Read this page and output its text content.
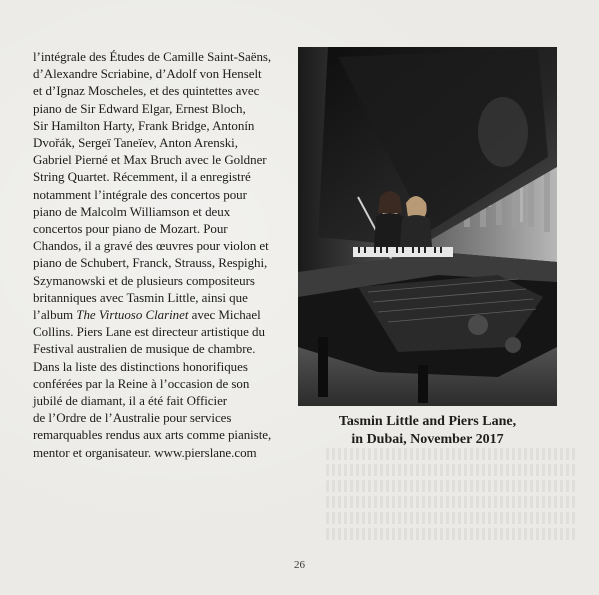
l’intégrale des Études de Camille Saint-Saëns,
d’Alexandre Scriabine, d’Adolf von Henselt
et d’Ignaz Moscheles, et des quintettes avec
piano de Sir Edward Elgar, Ernest Bloch,
Sir Hamilton Harty, Frank Bridge, Antonín
Dvořák, Sergeï Taneïev, Anton Arenski,
Gabriel Pierné et Max Bruch avec le Goldner
String Quartet. Récemment, il a enregistré
notamment l’intégrale des concertos pour
piano de Malcolm Williamson et deux
concertos pour piano de Mozart. Pour
Chandos, il a gravé des œuvres pour violon et
piano de Schubert, Franck, Strauss, Respighi,
Szymanowski et de plusieurs compositeurs
britanniques avec Tasmin Little, ainsi que
l’album The Virtuoso Clarinet avec Michael
Collins. Piers Lane est directeur artistique du
Festival australien de musique de chambre.
Dans la liste des distinctions honorifiques
conférées par la Reine à l’occasion de son
jubilé de diamant, il a été fait Officier
de l’Ordre de l’Australie pour services
remarquables rendus aux arts comme pianiste,
mentor et organisateur. www.pierslane.com
Tasmin Little and Piers Lane,
in Dubai, November 2017
26
